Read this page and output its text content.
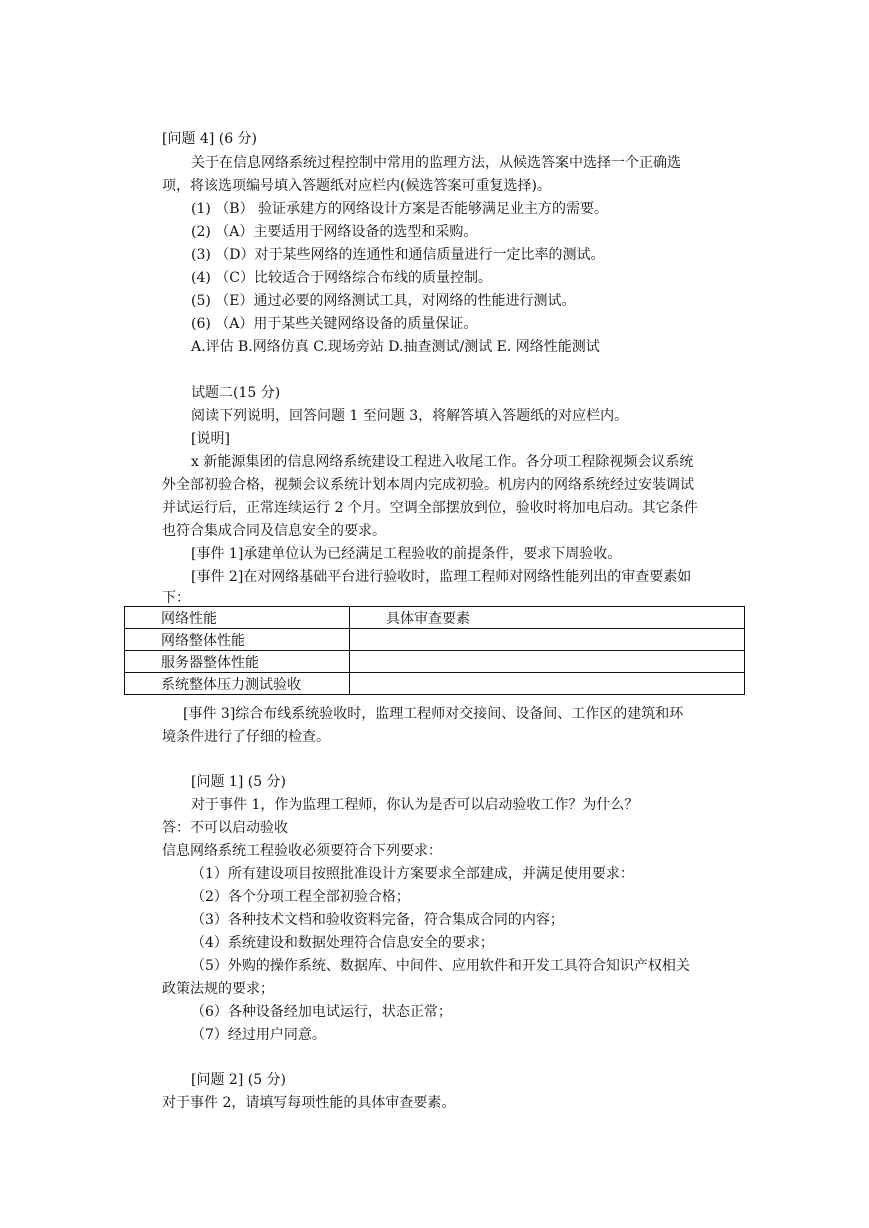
[问题 4] (6 分)
关于在信息网络系统过程控制中常用的监理方法，从候选答案中选择一个正确选
项，将该选项编号填入答题纸对应栏内(候选答案可重复选择)。
(1) （B） 验证承建方的网络设计方案是否能够满足业主方的需要。
(2) （A）主要适用于网络设备的选型和采购。
(3) （D）对于某些网络的连通性和通信质量进行一定比率的测试。
(4) （C）比较适合于网络综合布线的质量控制。
(5) （E）通过必要的网络测试工具，对网络的性能进行测试。
(6) （A）用于某些关键网络设备的质量保证。
A.评估 B.网络仿真 C.现场旁站 D.抽查测试/测试 E. 网络性能测试
试题二(15 分)
阅读下列说明，回答问题 1 至问题 3，将解答填入答题纸的对应栏内。
[说明]
x 新能源集团的信息网络系统建设工程进入收尾工作。各分项工程除视频会议系统
外全部初验合格，视频会议系统计划本周内完成初验。机房内的网络系统经过安装调试
并试运行后，正常连续运行 2 个月。空调全部摆放到位，验收时将加电启动。其它条件
也符合集成合同及信息安全的要求。
[事件 1]承建单位认为已经满足工程验收的前提条件，要求下周验收。
[事件 2]在对网络基础平台进行验收时，监理工程师对网络性能列出的审查要素如
下：
网络性能	具体审查要素
网络整体性能	
服务器整体性能	
系统整体压力测试验收	
[事件 3]综合布线系统验收时，监理工程师对交接间、设备间、工作区的建筑和环
境条件进行了仔细的检查。
[问题 1] (5 分)
对于事件 1，作为监理工程师，你认为是否可以启动验收工作？为什么？
答：不可以启动验收
信息网络系统工程验收必须要符合下列要求：
（1）所有建设项目按照批准设计方案要求全部建成，并满足使用要求：
（2）各个分项工程全部初验合格；
（3）各种技术文档和验收资料完备，符合集成合同的内容；
（4）系统建设和数据处理符合信息安全的要求；
（5）外购的操作系统、数据库、中间件、应用软件和开发工具符合知识产权相关
政策法规的要求；
（6）各种设备经加电试运行，状态正常；
（7）经过用户同意。
[问题 2] (5 分)
对于事件 2，请填写每项性能的具体审查要素。
